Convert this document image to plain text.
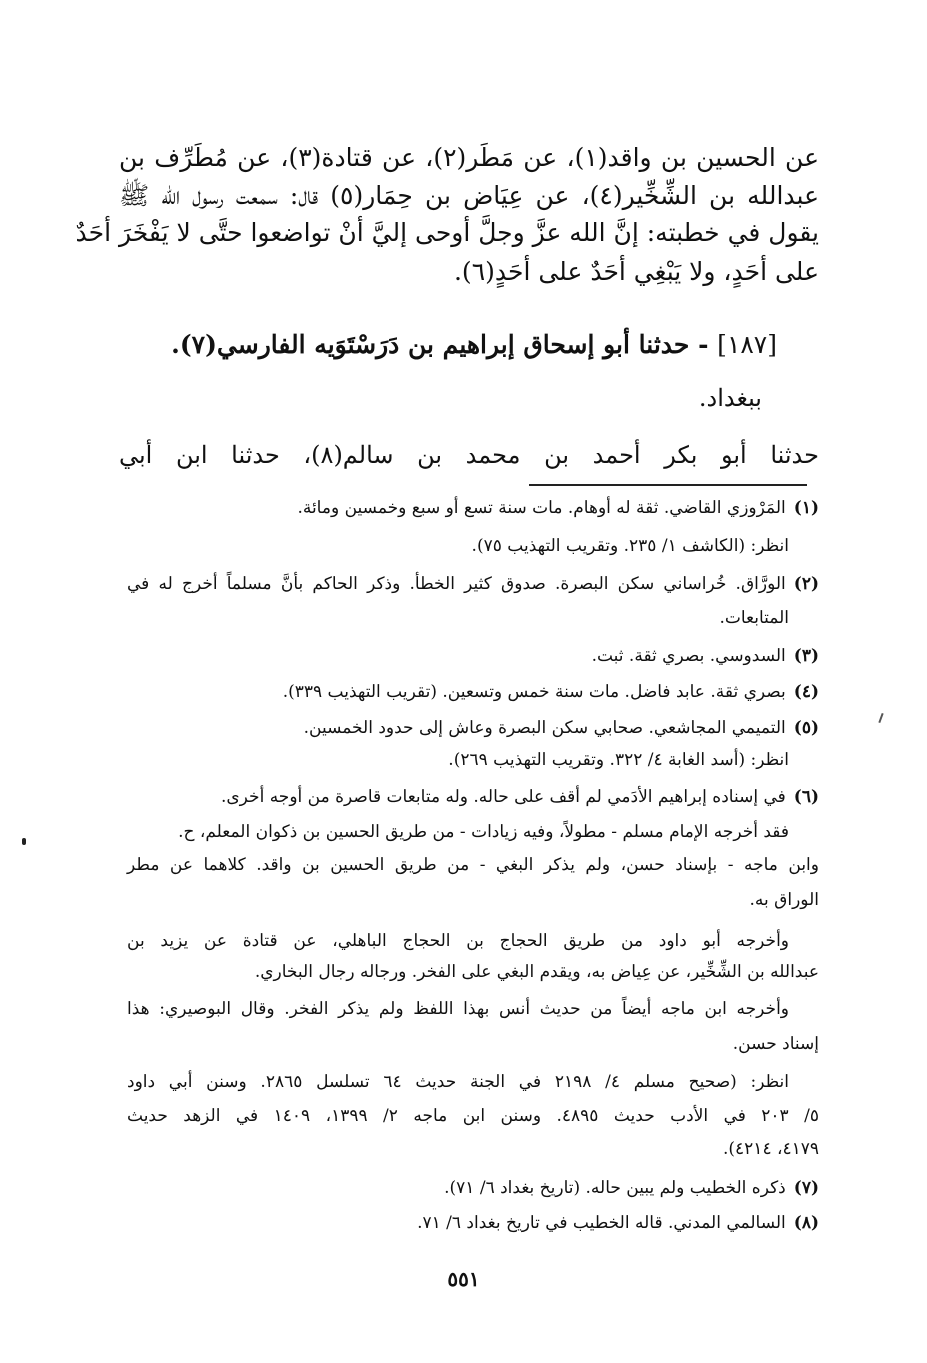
عن الحسين بن واقد(١)، عن مَطَر(٢)، عن قتادة(٣)، عن مُطَرِّف بن
عبدالله بن الشِّخِّير(٤)، عن عِيَاض بن حِمَار(٥) قال: سمعت رسول الله ﷺ
يقول في خطبته: إنَّ الله عزَّ وجلَّ أوحى إليَّ أنْ تواضعوا حتَّى لا يَفْخَرَ أحَدٌ
على أحَدٍ، ولا يَبْغِي أحَدٌ على أحَدٍ(٦).
[١٨٧] - حدثنا أبو إسحاق إبراهيم بن دَرَسْتَوَيه الفارسي(٧).
ببغداد.
حدثنا أبو بكر أحمد بن محمد بن سالم(٨)، حدثنا ابن أبي
(١)المَرْوزي القاضي. ثقة له أوهام. مات سنة تسع أو سبع وخمسين ومائة.
انظر: (الكاشف ١/ ٢٣٥. وتقريب التهذيب ٧٥).
(٢)الورَّاق. خُراساني سكن البصرة. صدوق كثير الخطأ. وذكر الحاكم بأنَّ مسلماً أخرج له في
المتابعات.
(٣)السدوسي. بصري ثقة. ثبت.
(٤)بصري ثقة. عابد فاضل. مات سنة خمس وتسعين. (تقريب التهذيب ٣٣٩).
(٥)التميمي المجاشعي. صحابي سكن البصرة وعاش إلى حدود الخمسين.
انظر: (أسد الغابة ٤/ ٣٢٢. وتقريب التهذيب ٢٦٩).
(٦)في إسناده إبراهيم الأدَمي لم أقف على حاله. وله متابعات قاصرة من أوجه أخرى.
فقد أخرجه الإمام مسلم - مطولاً، وفيه زيادات - من طريق الحسين بن ذكوان المعلم، ح.
وابن ماجه - بإسناد حسن، ولم يذكر البغي - من طريق الحسين بن واقد. كلاهما عن مطر
الوراق به.
وأخرجه أبو داود من طريق الحجاج بن الحجاج الباهلي، عن قتادة عن يزيد بن
عبدالله بن الشِّخِّير، عن عِياض به، ويقدم البغي على الفخر. ورجاله رجال البخاري.
وأخرجه ابن ماجه أيضاً من حديث أنس بهذا اللفظ ولم يذكر الفخر. وقال البوصيري: هذا
إسناد حسن.
انظر: (صحيح مسلم ٤/ ٢١٩٨ في الجنة حديث ٦٤ تسلسل ٢٨٦٥. وسنن أبي داود
٥/ ٢٠٣ في الأدب حديث ٤٨٩٥. وسنن ابن ماجه ٢/ ١٣٩٩، ١٤٠٩ في الزهد حديث
٤١٧٩، ٤٢١٤).
(٧)ذكره الخطيب ولم يبين حاله. (تاريخ بغداد ٦/ ٧١).
(٨)السالمي المدني. قاله الخطيب في تاريخ بغداد ٦/ ٧١.
٥٥١
